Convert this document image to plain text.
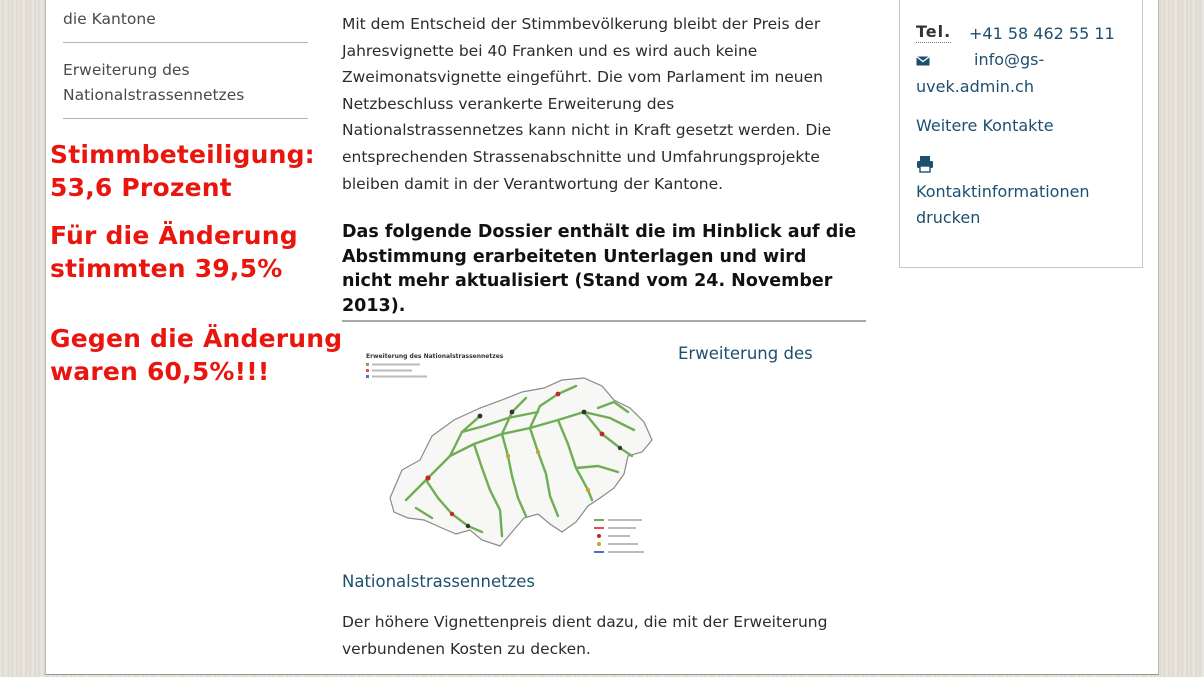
die Kantone
Erweiterung des
Nationalstrassennetzes
Stimmbeteiligung:
53,6 Prozent
Für die Änderung
stimmten 39,5%
Gegen die Änderung
waren 60,5%!!!
Mit dem Entscheid der Stimmbevölkerung bleibt der Preis der
Jahresvignette bei 40 Franken und es wird auch keine
Zweimonatsvignette eingeführt. Die vom Parlament im neuen
Netzbeschluss verankerte Erweiterung des
Nationalstrassennetzes kann nicht in Kraft gesetzt werden. Die
entsprechenden Strassenabschnitte und Umfahrungsprojekte
bleiben damit in der Verantwortung der Kantone.
Das folgende Dossier enthält die im Hinblick auf die
Abstimmung erarbeiteten Unterlagen und wird
nicht mehr aktualisiert (Stand vom 24. November
2013).
Erweiterung des Nationalstrassennetzes	Erweiterung des
Nationalstrassennetzes
Der höhere Vignettenpreis dient dazu, die mit der Erweiterung
verbundenen Kosten zu decken.
Tel. +41 58 462 55 11
info@gs-
uvek.admin.ch
Weitere Kontakte
Kontaktinformationen
drucken
